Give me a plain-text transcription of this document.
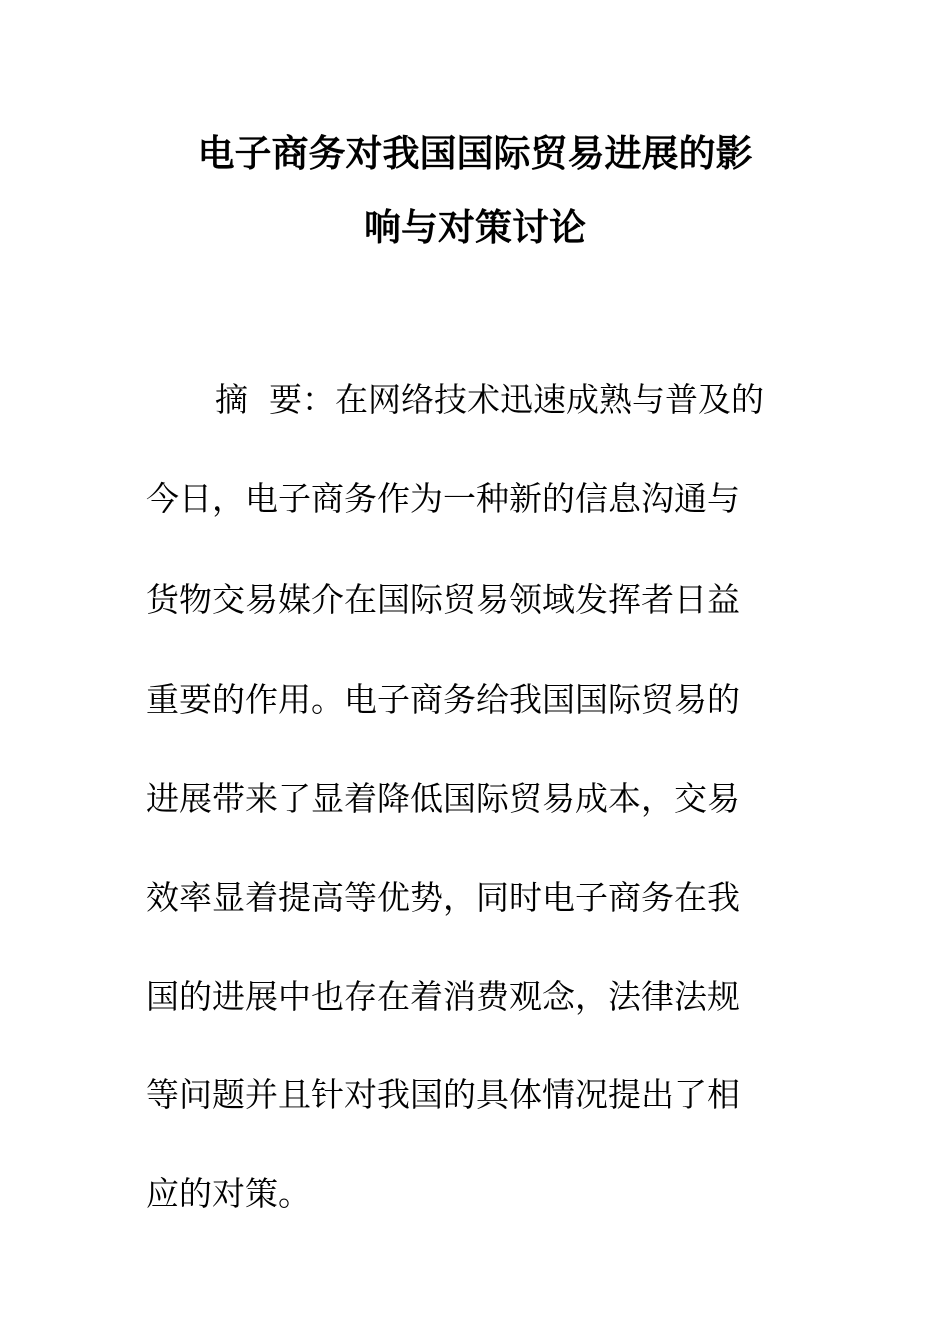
电子商务对我国国际贸易进展的影
响与对策讨论
摘  要：在网络技术迅速成熟与普及的
今日，电子商务作为一种新的信息沟通与
货物交易媒介在国际贸易领域发挥者日益
重要的作用。电子商务给我国国际贸易的
进展带来了显着降低国际贸易成本，交易
效率显着提高等优势，同时电子商务在我
国的进展中也存在着消费观念，法律法规
等问题并且针对我国的具体情况提出了相
应的对策。
